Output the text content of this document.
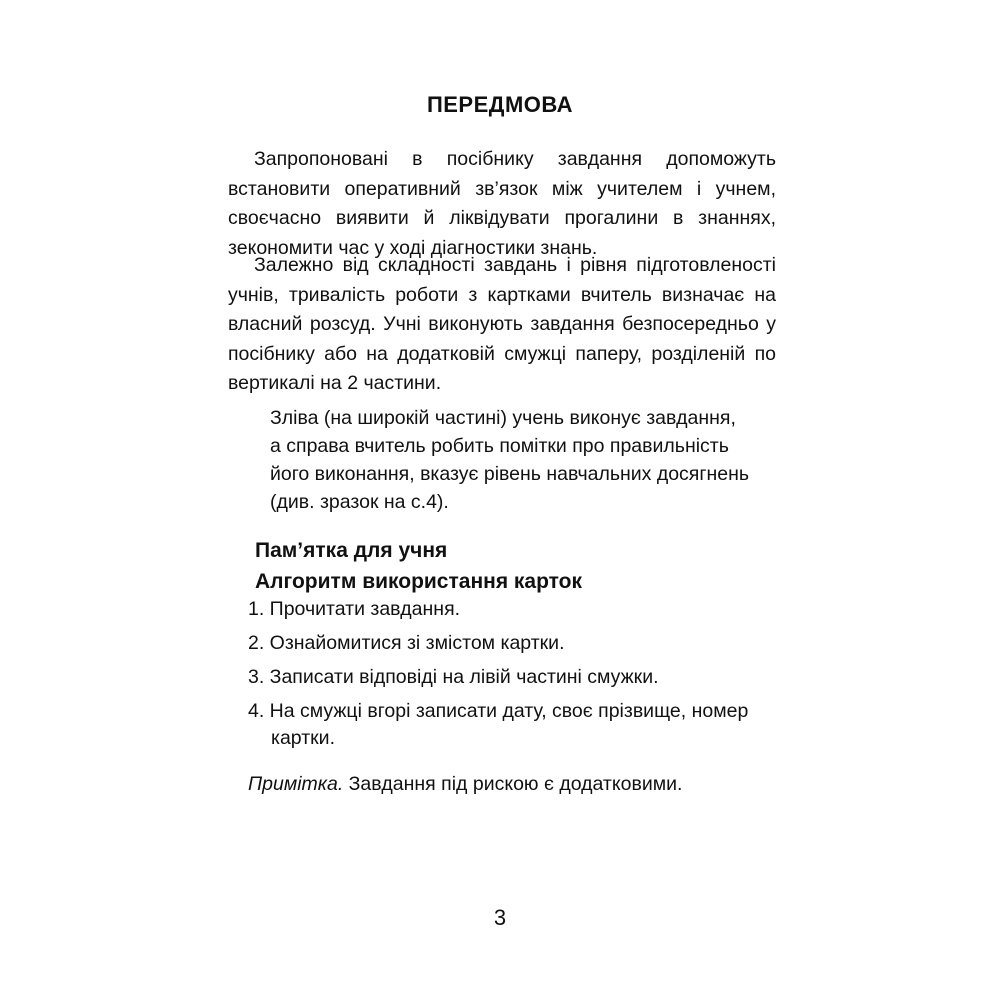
ПЕРЕДМОВА

Запропоновані в посібнику завдання допоможуть встановити оперативний зв’язок між учителем і учнем, своєчасно виявити й ліквідувати прогалини в знаннях, зекономити час у ході діагностики знань.

Залежно від складності завдань і рівня підготовленості учнів, тривалість роботи з картками вчитель визначає на власний розсуд. Учні виконують завдання безпосередньо у посібнику або на додатковій смужці паперу, розділеній по вертикалі на 2 частини.

Зліва (на широкій частині) учень виконує завдання,
а справа вчитель робить помітки про правильність
його виконання, вказує рівень навчальних досягнень
(див. зразок на с.4).
Пам’ятка для учня
Алгоритм використання карток
1. Прочитати завдання.
2. Ознайомитися зі змістом картки.
3. Записати відповіді на лівій частині смужки.
4. На смужці вгорі записати дату, своє прізвище, номер картки.

Примітка. Завдання під рискою є додатковими.

3
